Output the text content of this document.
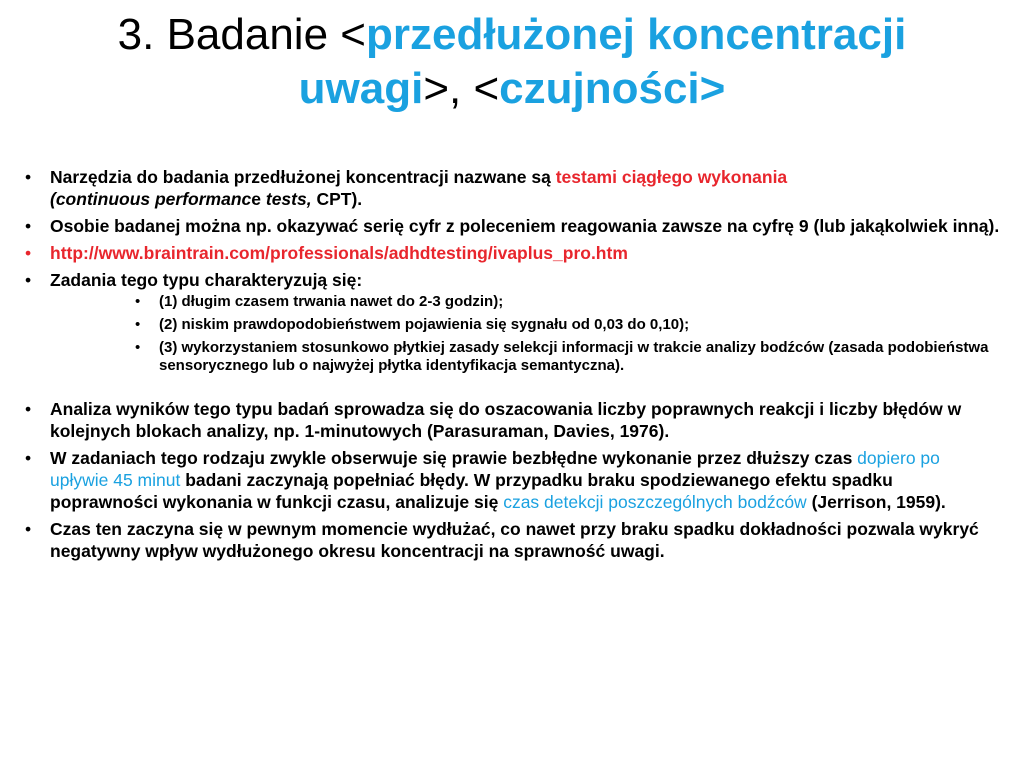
3. Badanie <przedłużonej koncentracji uwagi>, <czujności>
• Narzędzia do badania przedłużonej koncentracji nazwane są testami ciągłego wykonania
(continuous performance tests, CPT).
• Osobie badanej można np. okazywać serię cyfr z poleceniem reagowania zawsze na cyfrę 9 (lub jakąkolwiek inną).
• http://www.braintrain.com/professionals/adhdtesting/ivaplus_pro.htm
• Zadania tego typu charakteryzują się:
• (1) długim czasem trwania nawet do 2-3 godzin);
• (2) niskim prawdopodobieństwem pojawienia się sygnału od 0,03 do 0,10);
• (3) wykorzystaniem stosunkowo płytkiej zasady selekcji informacji w trakcie analizy bodźców (zasada podobieństwa sensorycznego lub o najwyżej płytka identyfikacja semantyczna).
• Analiza wyników tego typu badań sprowadza się do oszacowania liczby poprawnych reakcji i liczby błędów w kolejnych blokach analizy, np. 1-minutowych (Parasuraman, Davies, 1976).
• W zadaniach tego rodzaju zwykle obserwuje się prawie bezbłędne wykonanie przez dłuższy czas dopiero po upływie 45 minut badani zaczynają popełniać błędy. W przypadku braku spodziewanego efektu spadku poprawności wykonania w funkcji czasu, analizuje się czas detekcji poszczególnych bodźców (Jerrison, 1959).
• Czas ten zaczyna się w pewnym momencie wydłużać, co nawet przy braku spadku dokładności pozwala wykryć negatywny wpływ wydłużonego okresu koncentracji na sprawność uwagi.
